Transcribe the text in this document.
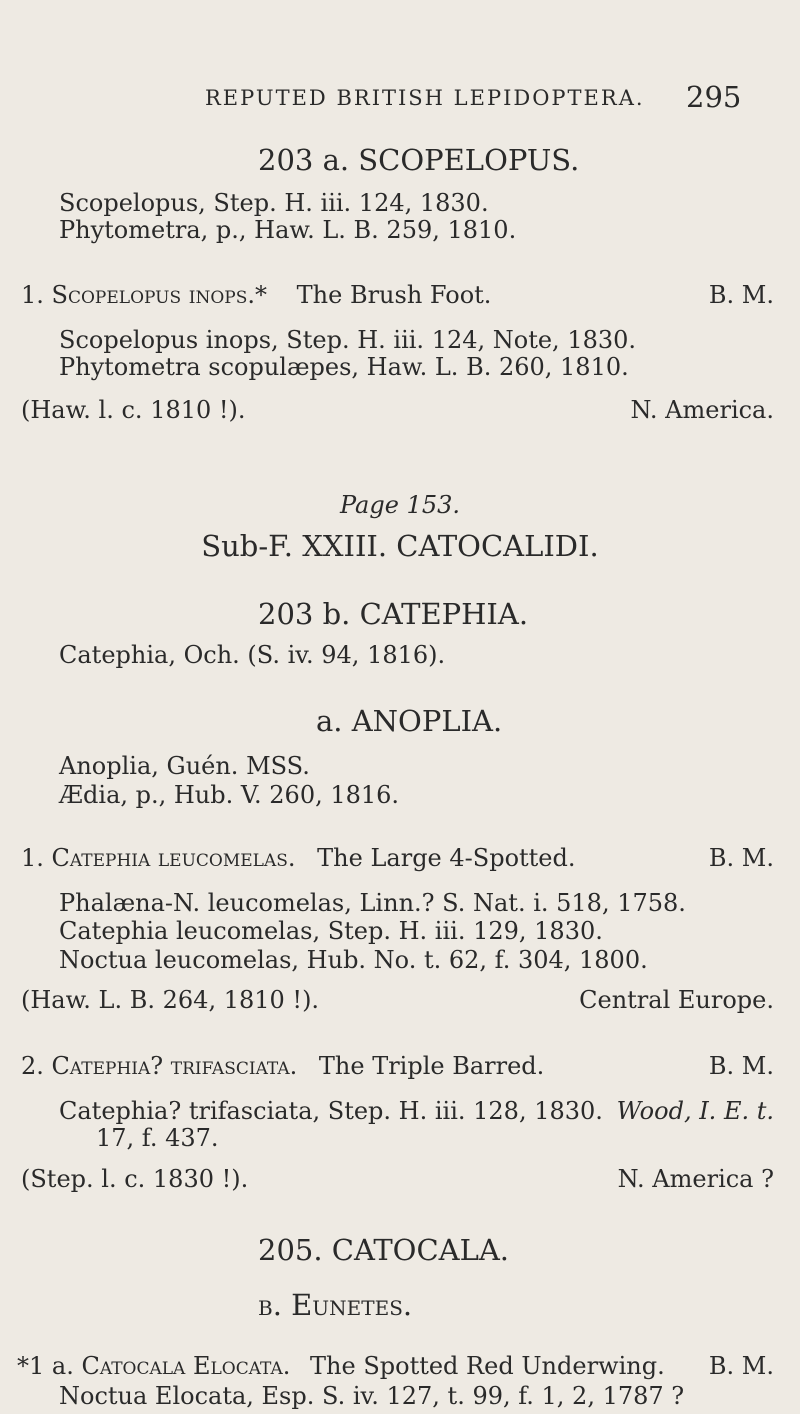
REPUTED BRITISH LEPIDOPTERA. 295
203 a. SCOPELOPUS.
Scopelopus, Step. H. iii. 124, 1830.
Phytometra, p., Haw. L. B. 259, 1810.
1. Scopelopus inops.* The Brush Foot.	B. M.
Scopelopus inops, Step. H. iii. 124, Note, 1830.
Phytometra scopulæpes, Haw. L. B. 260, 1810.
(Haw. l. c. 1810 !).	N. America.
Page 153.
Sub-F. XXIII. CATOCALIDI.
203 b. CATEPHIA.
Catephia, Och. (S. iv. 94, 1816).
a. ANOPLIA.
Anoplia, Guén. MSS.
Ædia, p., Hub. V. 260, 1816.
1. Catephia leucomelas. The Large 4-Spotted.	B. M.
Phalæna-N. leucomelas, Linn.? S. Nat. i. 518, 1758.
Catephia leucomelas, Step. H. iii. 129, 1830.
Noctua leucomelas, Hub. No. t. 62, f. 304, 1800.
(Haw. L. B. 264, 1810 !).	Central Europe.
2. Catephia? trifasciata. The Triple Barred.	B. M.
Catephia? trifasciata, Step. H. iii. 128, 1830. Wood, I. E. t.
17, f. 437.
(Step. l. c. 1830 !).	N. America ?
205. CATOCALA.
b. Eunetes.
*1 a. Catocala Elocata. The Spotted Red Underwing. B. M.
Noctua Elocata, Esp. S. iv. 127, t. 99, f. 1, 2, 1787 ?
